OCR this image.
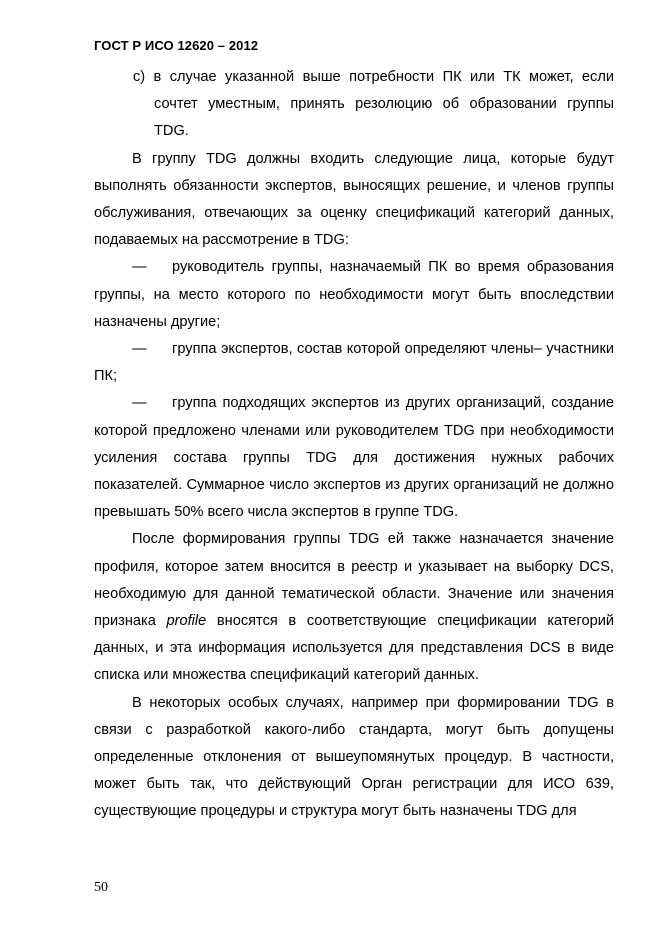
ГОСТ Р ИСО 12620 – 2012

c) в случае указанной выше потребности ПК или ТК может, если сочтет уместным, принять резолюцию об образовании группы TDG.

В группу TDG должны входить следующие лица, которые будут выполнять обязанности экспертов, выносящих решение, и членов группы обслуживания, отвечающих за оценку спецификаций категорий данных, подаваемых на рассмотрение в TDG:

— руководитель группы, назначаемый ПК во время образования группы, на место которого по необходимости могут быть впоследствии назначены другие;

— группа экспертов, состав которой определяют члены– участники ПК;

— группа подходящих экспертов из других организаций, создание которой предложено членами или руководителем TDG при необходимости усиления состава группы TDG для достижения нужных рабочих показателей. Суммарное число экспертов из других организаций не должно превышать 50% всего числа экспертов в группе TDG.

После формирования группы TDG ей также назначается значение профиля, которое затем вносится в реестр и указывает на выборку DCS, необходимую для данной тематической области. Значение или значения признака profile вносятся в соответствующие спецификации категорий данных, и эта информация используется для представления DCS в виде списка или множества спецификаций категорий данных.

В некоторых особых случаях, например при формировании TDG в связи с разработкой какого-либо стандарта, могут быть допущены определенные отклонения от вышеупомянутых процедур. В частности, может быть так, что действующий Орган регистрации для ИСО 639, существующие процедуры и структура могут быть назначены TDG для

50
